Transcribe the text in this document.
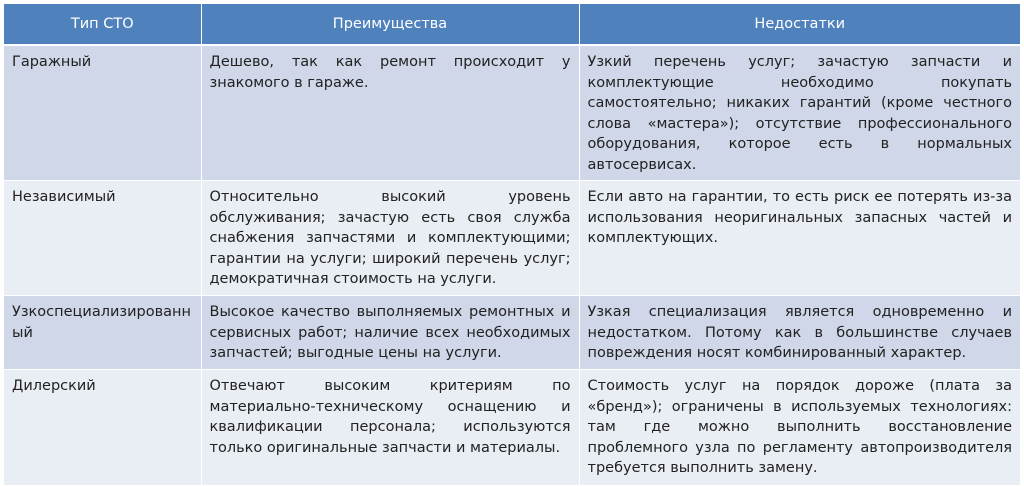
Тип СТО	Преимущества	Недостатки
Гаражный	Дешево, так как ремонт происходит у знакомого в гараже.	Узкий перечень услуг; зачастую запчасти и комплектующие необходимо покупать самостоятельно; никаких гарантий (кроме честного слова «мастера»); отсутствие профессионального оборудования, которое есть в нормальных автосервисах.
Независимый	Относительно высокий уровень обслуживания; зачастую есть своя служба снабжения запчастями и комплектующими; гарантии на услуги; широкий перечень услуг; демократичная стоимость на услуги.	Если авто на гарантии, то есть риск ее потерять из-за использования неоригинальных запасных частей и комплектующих.
Узкоспециализированный	Высокое качество выполняемых ремонтных и сервисных работ; наличие всех необходимых запчастей; выгодные цены на услуги.	Узкая специализация является одновременно и недостатком. Потому как в большинстве случаев повреждения носят комбинированный характер.
Дилерский	Отвечают высоким критериям по материально-техническому оснащению и квалификации персонала; используются только оригинальные запчасти и материалы.	Стоимость услуг на порядок дороже (плата за «бренд»); ограничены в используемых технологиях: там где можно выполнить восстановление проблемного узла по регламенту автопроизводителя требуется выполнить замену.
